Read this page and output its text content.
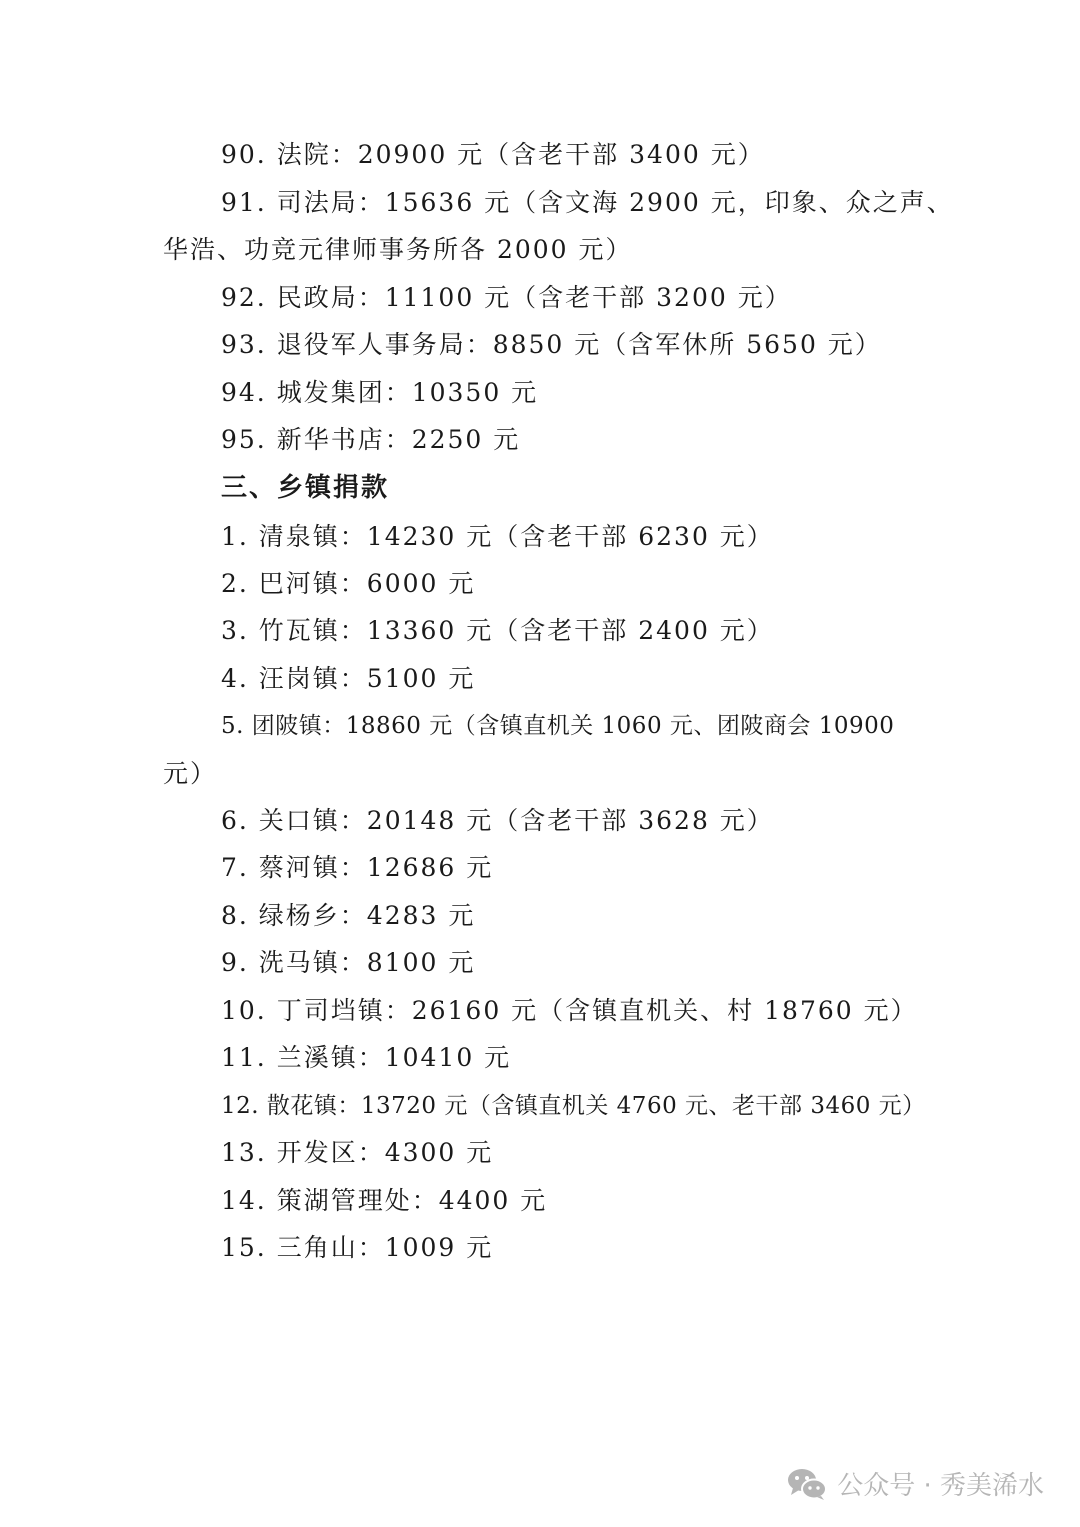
90. 法院：20900 元（含老干部 3400 元）
91. 司法局：15636 元（含文海 2900 元，印象、众之声、
华浩、功竞元律师事务所各 2000 元）
92. 民政局：11100 元（含老干部 3200 元）
93. 退役军人事务局：8850 元（含军休所 5650 元）
94. 城发集团：10350 元
95. 新华书店：2250 元
三、乡镇捐款
1. 清泉镇：14230 元（含老干部 6230 元）
2. 巴河镇：6000 元
3. 竹瓦镇：13360 元（含老干部 2400 元）
4. 汪岗镇：5100 元
5. 团陂镇：18860 元（含镇直机关 1060 元、团陂商会 10900
元）
6. 关口镇：20148 元（含老干部 3628 元）
7. 蔡河镇：12686 元
8. 绿杨乡：4283 元
9. 洗马镇：8100 元
10. 丁司垱镇：26160 元（含镇直机关、村 18760 元）
11. 兰溪镇：10410 元
12. 散花镇：13720 元（含镇直机关 4760 元、老干部 3460 元）
13. 开发区：4300 元
14. 策湖管理处：4400 元
15. 三角山：1009 元
公众号 · 秀美浠水
